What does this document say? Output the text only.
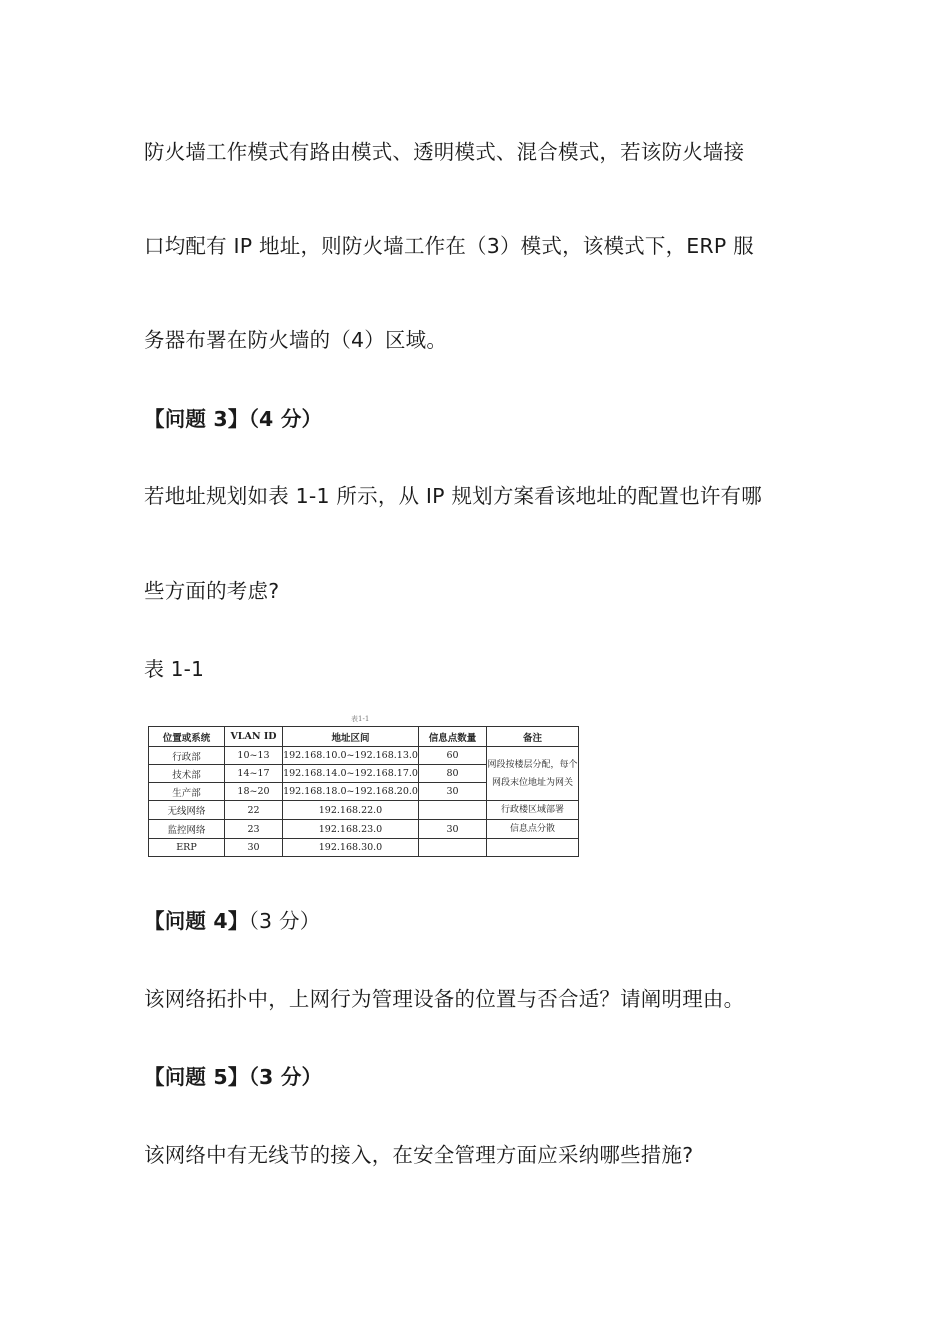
防火墙工作模式有路由模式、透明模式、混合模式，若该防火墙接
口均配有 IP 地址，则防火墙工作在（3）模式，该模式下，ERP 服
务器布署在防火墙的（4）区域。
【问题 3】（4 分）
若地址规划如表 1-1 所示，从 IP 规划方案看该地址的配置也许有哪
些方面的考虑?
表 1-1
表1-1
位置或系统	VLAN ID	地址区间	信息点数量	备注
行政部	10~13	192.168.10.0~192.168.13.0	60	网段按楼层分配，每个网段末位地址为网关
技术部	14~17	192.168.14.0~192.168.17.0	80	
生产部	18~20	192.168.18.0~192.168.20.0	30	
无线网络	22	192.168.22.0		行政楼区域部署
监控网络	23	192.168.23.0	30	信息点分散
ERP	30	192.168.30.0		
【问题 4】（3 分）
该网络拓扑中，上网行为管理设备的位置与否合适？请阐明理由。
【问题 5】（3 分）
该网络中有无线节的接入，在安全管理方面应采纳哪些措施?
